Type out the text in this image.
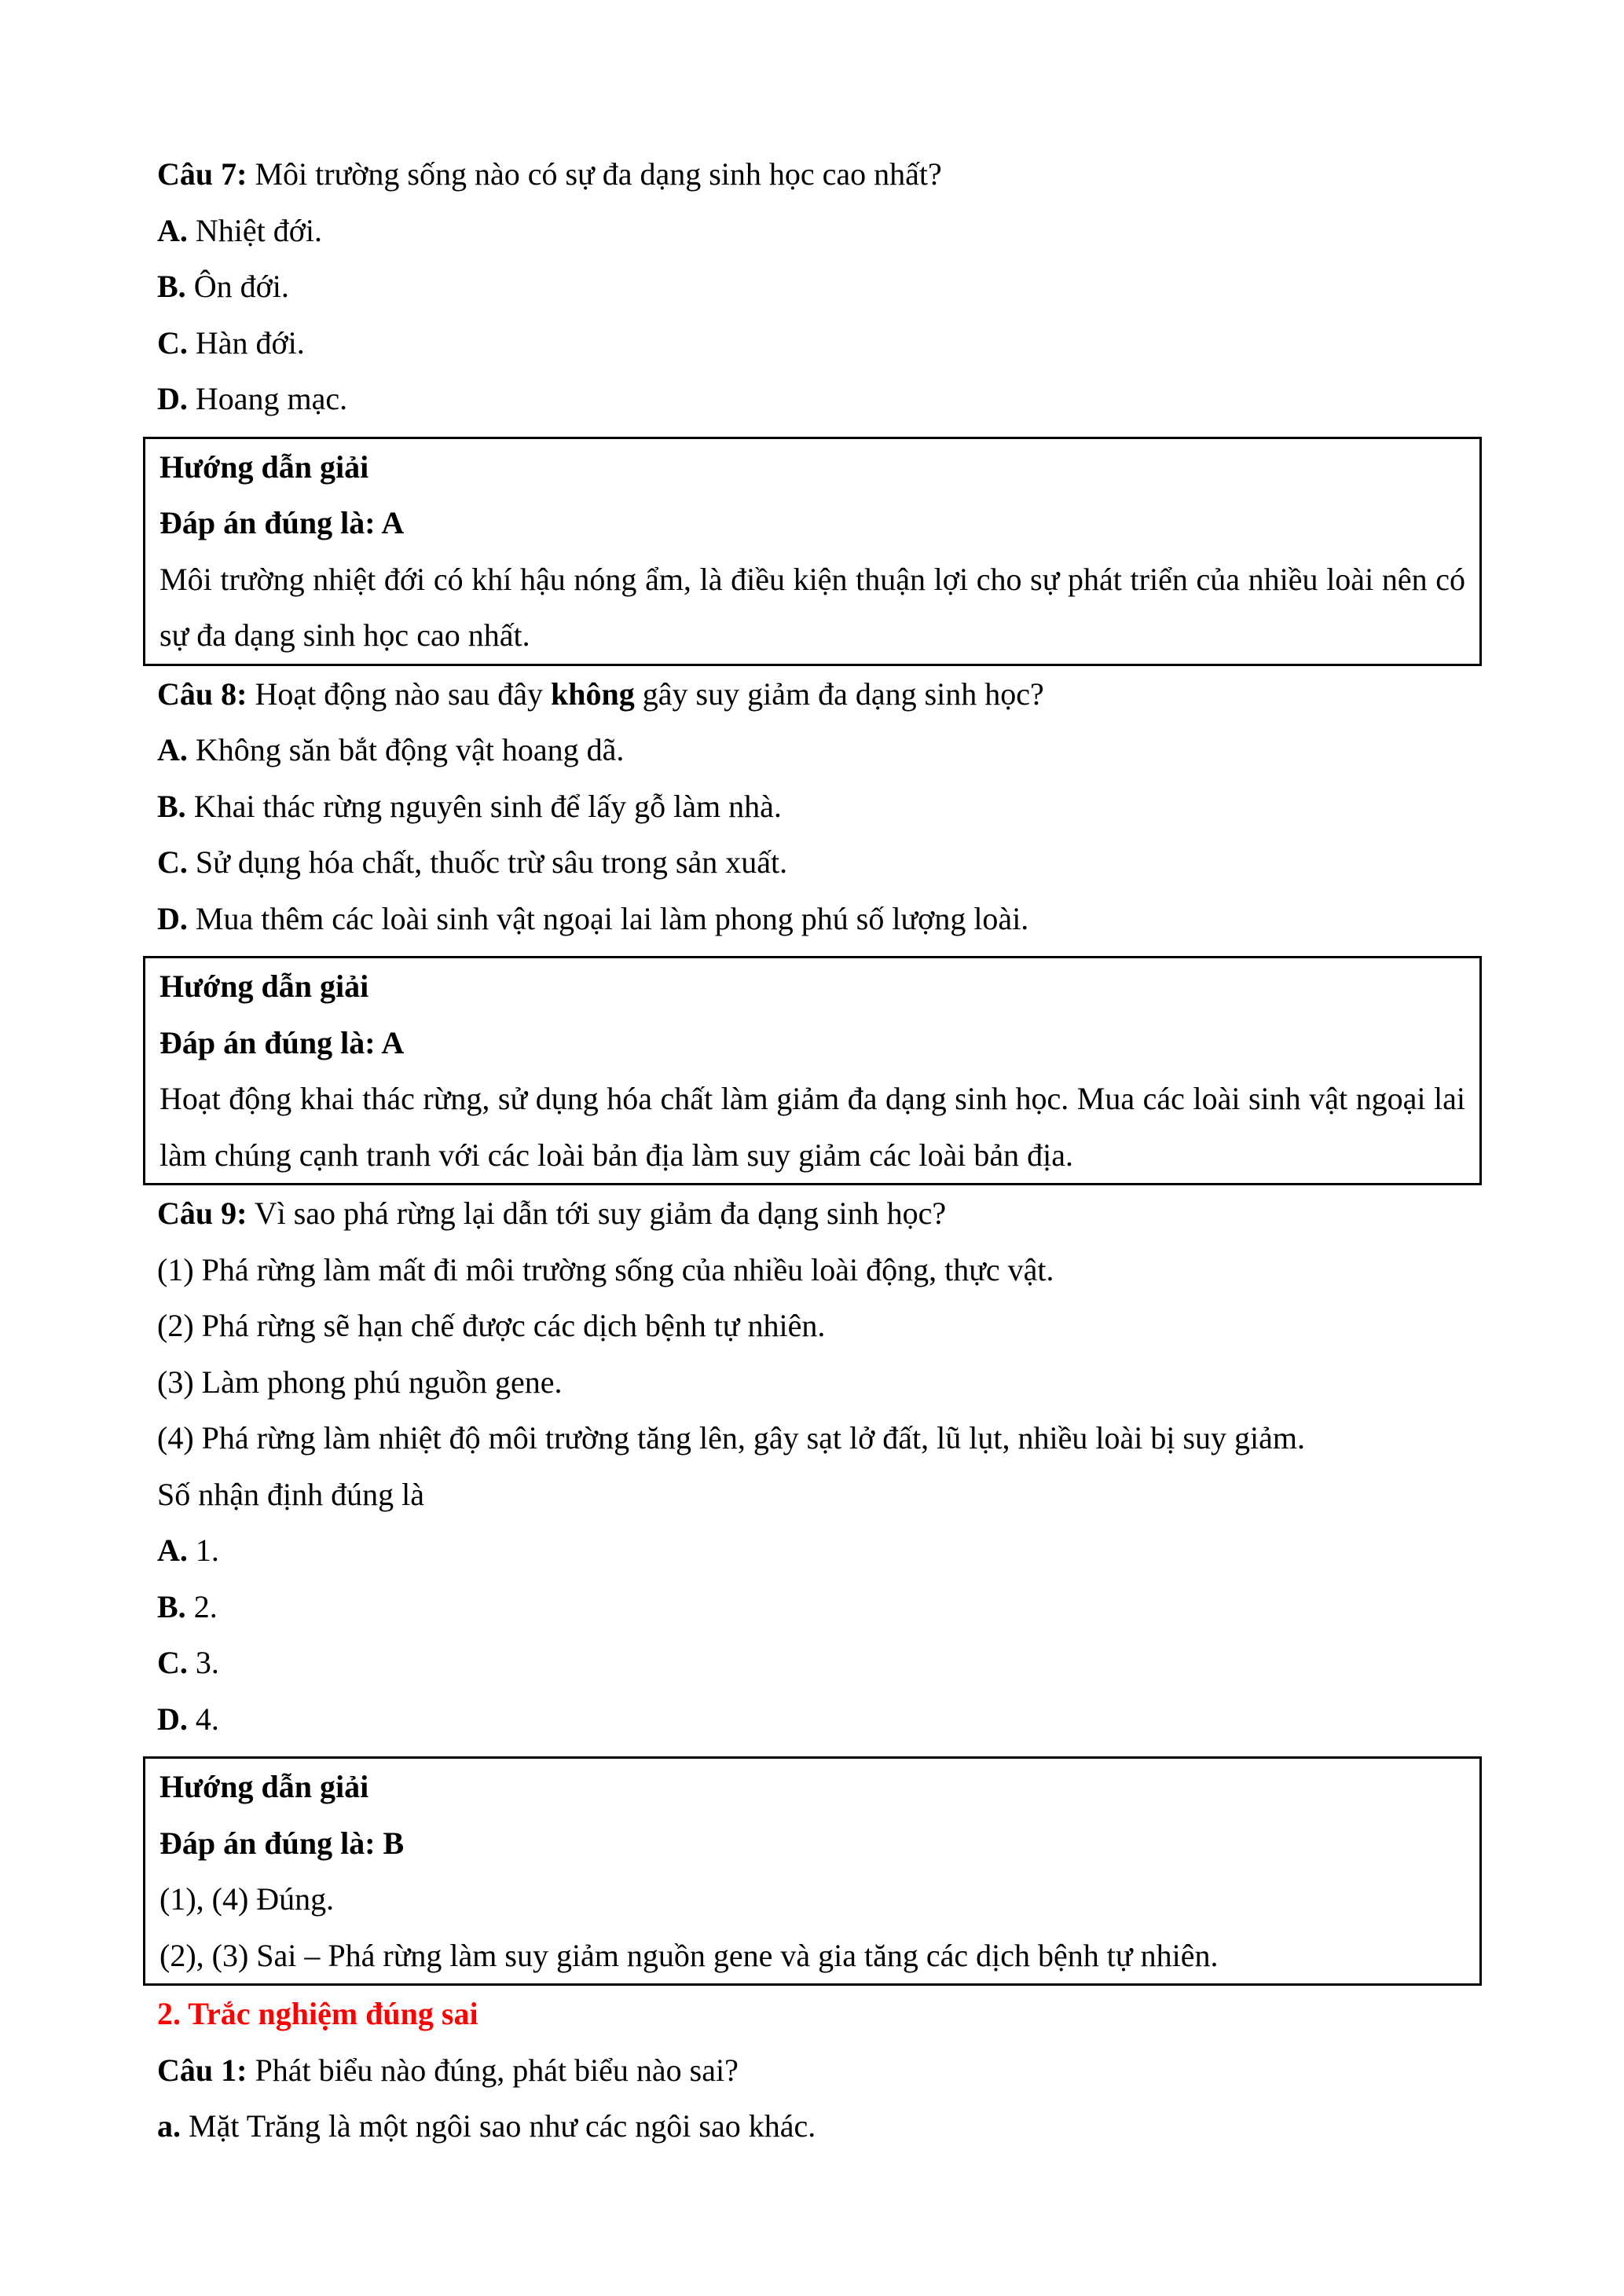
Câu 7: Môi trường sống nào có sự đa dạng sinh học cao nhất?

A. Nhiệt đới.

B. Ôn đới.

C. Hàn đới.

D. Hoang mạc.

Hướng dẫn giải

Đáp án đúng là: A

Môi trường nhiệt đới có khí hậu nóng ẩm, là điều kiện thuận lợi cho sự phát triển của nhiều loài nên có sự đa dạng sinh học cao nhất.

Câu 8: Hoạt động nào sau đây không gây suy giảm đa dạng sinh học?

A. Không săn bắt động vật hoang dã.

B. Khai thác rừng nguyên sinh để lấy gỗ làm nhà.

C. Sử dụng hóa chất, thuốc trừ sâu trong sản xuất.

D. Mua thêm các loài sinh vật ngoại lai làm phong phú số lượng loài.

Hướng dẫn giải

Đáp án đúng là: A

Hoạt động khai thác rừng, sử dụng hóa chất làm giảm đa dạng sinh học. Mua các loài sinh vật ngoại lai làm chúng cạnh tranh với các loài bản địa làm suy giảm các loài bản địa.

Câu 9: Vì sao phá rừng lại dẫn tới suy giảm đa dạng sinh học?

(1) Phá rừng làm mất đi môi trường sống của nhiều loài động, thực vật.

(2) Phá rừng sẽ hạn chế được các dịch bệnh tự nhiên.

(3) Làm phong phú nguồn gene.

(4) Phá rừng làm nhiệt độ môi trường tăng lên, gây sạt lở đất, lũ lụt, nhiều loài bị suy giảm.

Số nhận định đúng là

A. 1.

B. 2.

C. 3.

D. 4.

Hướng dẫn giải

Đáp án đúng là: B

(1), (4) Đúng.

(2), (3) Sai – Phá rừng làm suy giảm nguồn gene và gia tăng các dịch bệnh tự nhiên.

2. Trắc nghiệm đúng sai

Câu 1: Phát biểu nào đúng, phát biểu nào sai?

a. Mặt Trăng là một ngôi sao như các ngôi sao khác.
